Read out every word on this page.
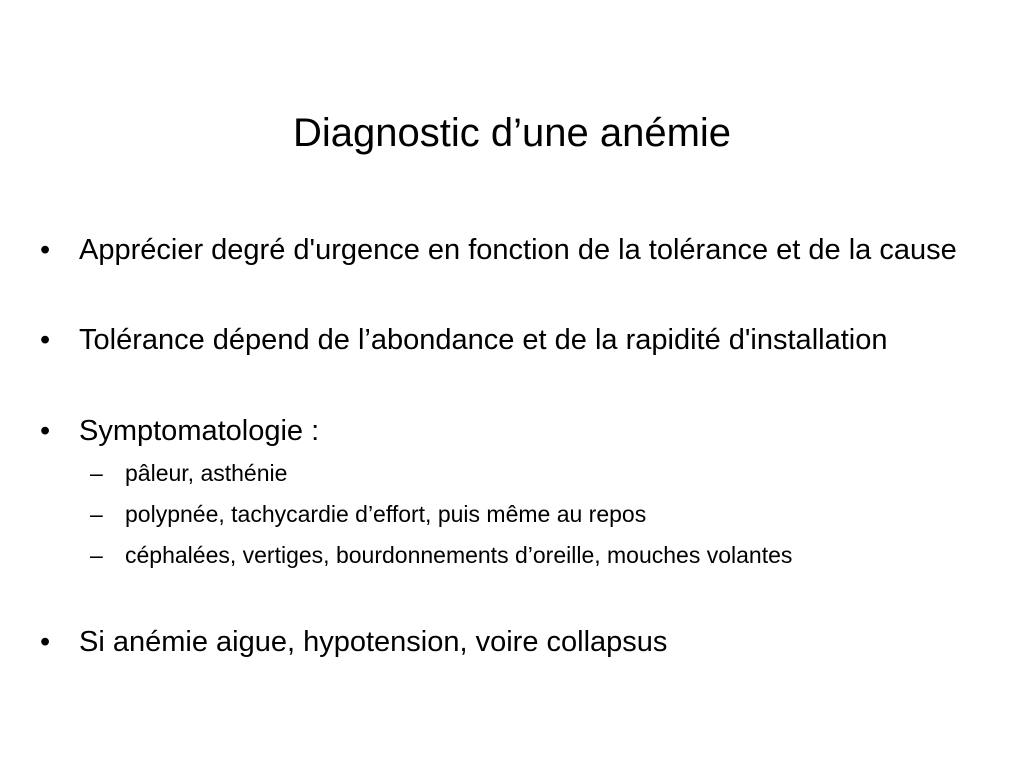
Diagnostic d’une anémie
• Apprécier degré d'urgence en fonction de la tolérance et de la cause
• Tolérance dépend de l’abondance et de la rapidité d'installation
• Symptomatologie :
– pâleur, asthénie
– polypnée, tachycardie d’effort, puis même au repos
– céphalées, vertiges, bourdonnements d’oreille, mouches volantes
• Si anémie aigue, hypotension, voire collapsus
